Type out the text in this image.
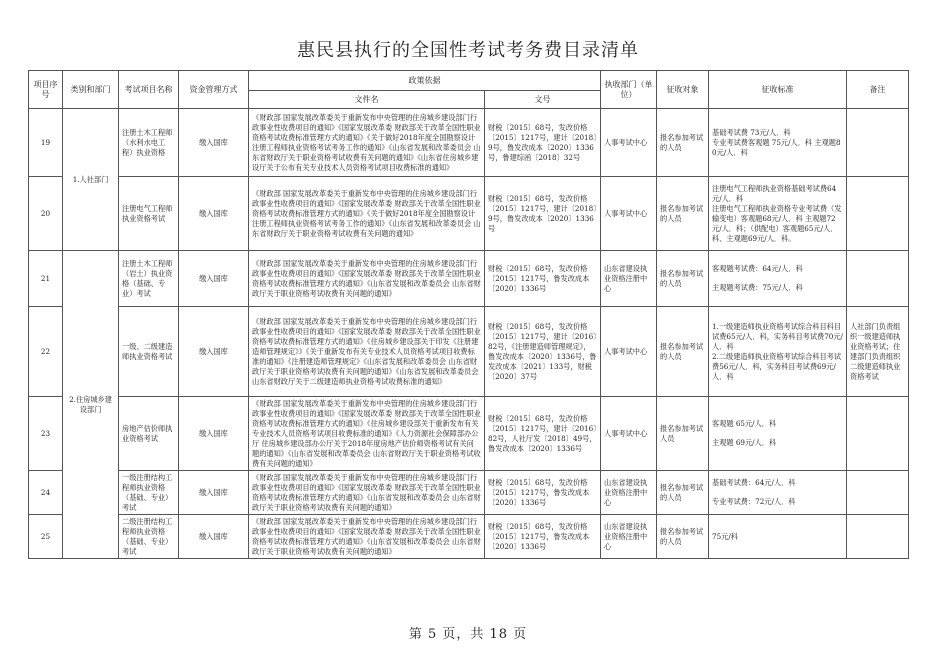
惠民县执行的全国性考试考务费目录清单
项目序号	类别和部门	考试项目名称	资金管理方式	政策依据		执收部门（单位）	征收对象	征收标准	备注
				文件名	文号				
19	1.人社部门	注册土木工程师（水利水电工程）执业资格	缴入国库	《财政部 国家发展改革委关于重新发布中央管理的住房城乡建设部门行政事业性收费项目的通知》《国家发展改革委 财政部关于改革全国性职业资格考试收费标准管理方式的通知》《关于做好2018年度全国勘察设计注册工程师执业资格考试考务工作的通知》《山东省发展和改革委员会 山东省财政厅关于职业资格考试收费有关问题的通知》《山东省住房城乡建设厅关于公布有关专业技术人员资格考试项目收费标准的通知》	财税〔2015〕68号，发改价格〔2015〕1217号，建计〔2018〕9号，鲁发改成本〔2020〕1336号，鲁建综函〔2018〕32号	人事考试中心	报名参加考试的人员	基础考试费 73元/人．科

专业考试费客观题 75元/人．科 主观题80元/人．科	

20		注册电气工程师执业资格考试	缴入国库	《财政部 国家发展改革委关于重新发布中央管理的住房城乡建设部门行政事业性收费项目的通知》《国家发展改革委 财政部关于改革全国性职业资格考试收费标准管理方式的通知》《关于做好2018年度全国勘察设计注册工程师执业资格考试考务工作的通知》《山东省发展和改革委员会 山东省财政厅关于职业资格考试收费有关问题的通知》	财税〔2015〕68号，发改价格〔2015〕1217号，建计〔2018〕9号，鲁发改成本〔2020〕1336号	人事考试中心	报名参加考试的人员	注册电气工程师执业资格基础考试费64元/人．科

注册电气工程师执业资格专业考试费（发输变电）客观题68元/人．科 主观题72元/人．科；（供配电）客观题65元/人．科、主观题69元/人．科。	

21	2.住房城乡建设部门	注册土木工程师（岩土）执业资格（基础、专业）考试	缴入国库	《财政部 国家发展改革委关于重新发布中央管理的住房城乡建设部门行政事业性收费项目的通知》《国家发展改革委 财政部关于改革全国性职业资格考试收费标准管理方式的通知》《山东省发展和改革委员会 山东省财政厅关于职业资格考试收费有关问题的通知》	财税〔2015〕68号，发改价格〔2015〕1217号，鲁发改成本〔2020〕1336号	山东省建设执业资格注册中心	报名参加考试的人员	客观题考试费：64元/人．科

主观题考试费：75元/人．科	

22		一级、二级建造师执业资格考试	缴入国库	《财政部 国家发展改革委关于重新发布中央管理的住房城乡建设部门行政事业性收费项目的通知》《国家发展改革委 财政部关于改革全国性职业资格考试收费标准管理方式的通知》《住房城乡建设部关于印发《注册建造师管理规定》》《关于重新发布有关专业技术人员资格考试项目收费标准的通知》《注册建造师管理规定》《山东省发展和改革委员会 山东省财政厅关于职业资格考试收费有关问题的通知》《山东省发展和改革委员会 山东省财政厅关于二级建造师执业资格考试收费标准的通知》	财税〔2015〕68号，发改价格〔2015〕1217号，建计〔2016〕82号，《注册建造师管理规定》，鲁发改成本〔2020〕1336号，鲁发改成本〔2021〕133号，财税〔2020〕37号	人事考试中心	报名参加考试的人员	1.一级建造师执业资格考试综合科目科目试费65元/人．科，实务科目考试费70元/人．科

2.二级建造师执业资格考试综合科目考试费56元/人．科，实务科目考试费69元/人．科	人社部门负责组织一级建造师执业资格考试；住建部门负责组织二级建造师执业资格考试
23		房地产估价师执业资格考试	缴入国库	《财政部 国家发展改革委关于重新发布中央管理的住房城乡建设部门行政事业性收费项目的通知》《国家发展改革委 财政部关于改革全国性职业资格考试收费标准管理方式的通知》《住房城乡建设部关于重新发布有关专业技术人员资格考试项目收费标准的通知》《人力资源社会保障部办公厅 住房城乡建设部办公厅关于2018年度房地产估价师资格考试有关问题的通知》《山东省发展和改革委员会 山东省财政厅关于职业资格考试收费有关问题的通知》	财税〔2015〕68号，发改价格〔2015〕1217号，建计〔2016〕82号，人社厅发〔2018〕49号，鲁发改成本〔2020〕1336号	人事考试中心	报名参加考试人员	客观题 65元/人．科

主观题 69元/人．科	

24		一级注册结构工程师执业资格（基础、专业）考试	缴入国库	《财政部 国家发展改革委关于重新发布中央管理的住房城乡建设部门行政事业性收费项目的通知》《国家发展改革委 财政部关于改革全国性职业资格考试收费标准管理方式的通知》《山东省发展和改革委员会 山东省财政厅关于职业资格考试收费有关问题的通知》	财税〔2015〕68号，发改价格〔2015〕1217号，鲁发改成本〔2020〕1336号	山东省建设执业资格注册中心	报名参加考试的人员	基础考试费：64元/人．科

专业考试费：72元/人．科	

25		二级注册结构工程师执业资格（基础、专业）考试	缴入国库	《财政部 国家发展改革委关于重新发布中央管理的住房城乡建设部门行政事业性收费项目的通知》《国家发展改革委 财政部关于改革全国性职业资格考试收费标准管理方式的通知》《山东省发展和改革委员会 山东省财政厅关于职业资格考试收费有关问题的通知》	财税〔2015〕68号，发改价格〔2015〕1217号，鲁发改成本〔2020〕1336号	山东省建设执业资格注册中心	报名参加考试的人员	75元/科	

第 5 页，共 18 页
